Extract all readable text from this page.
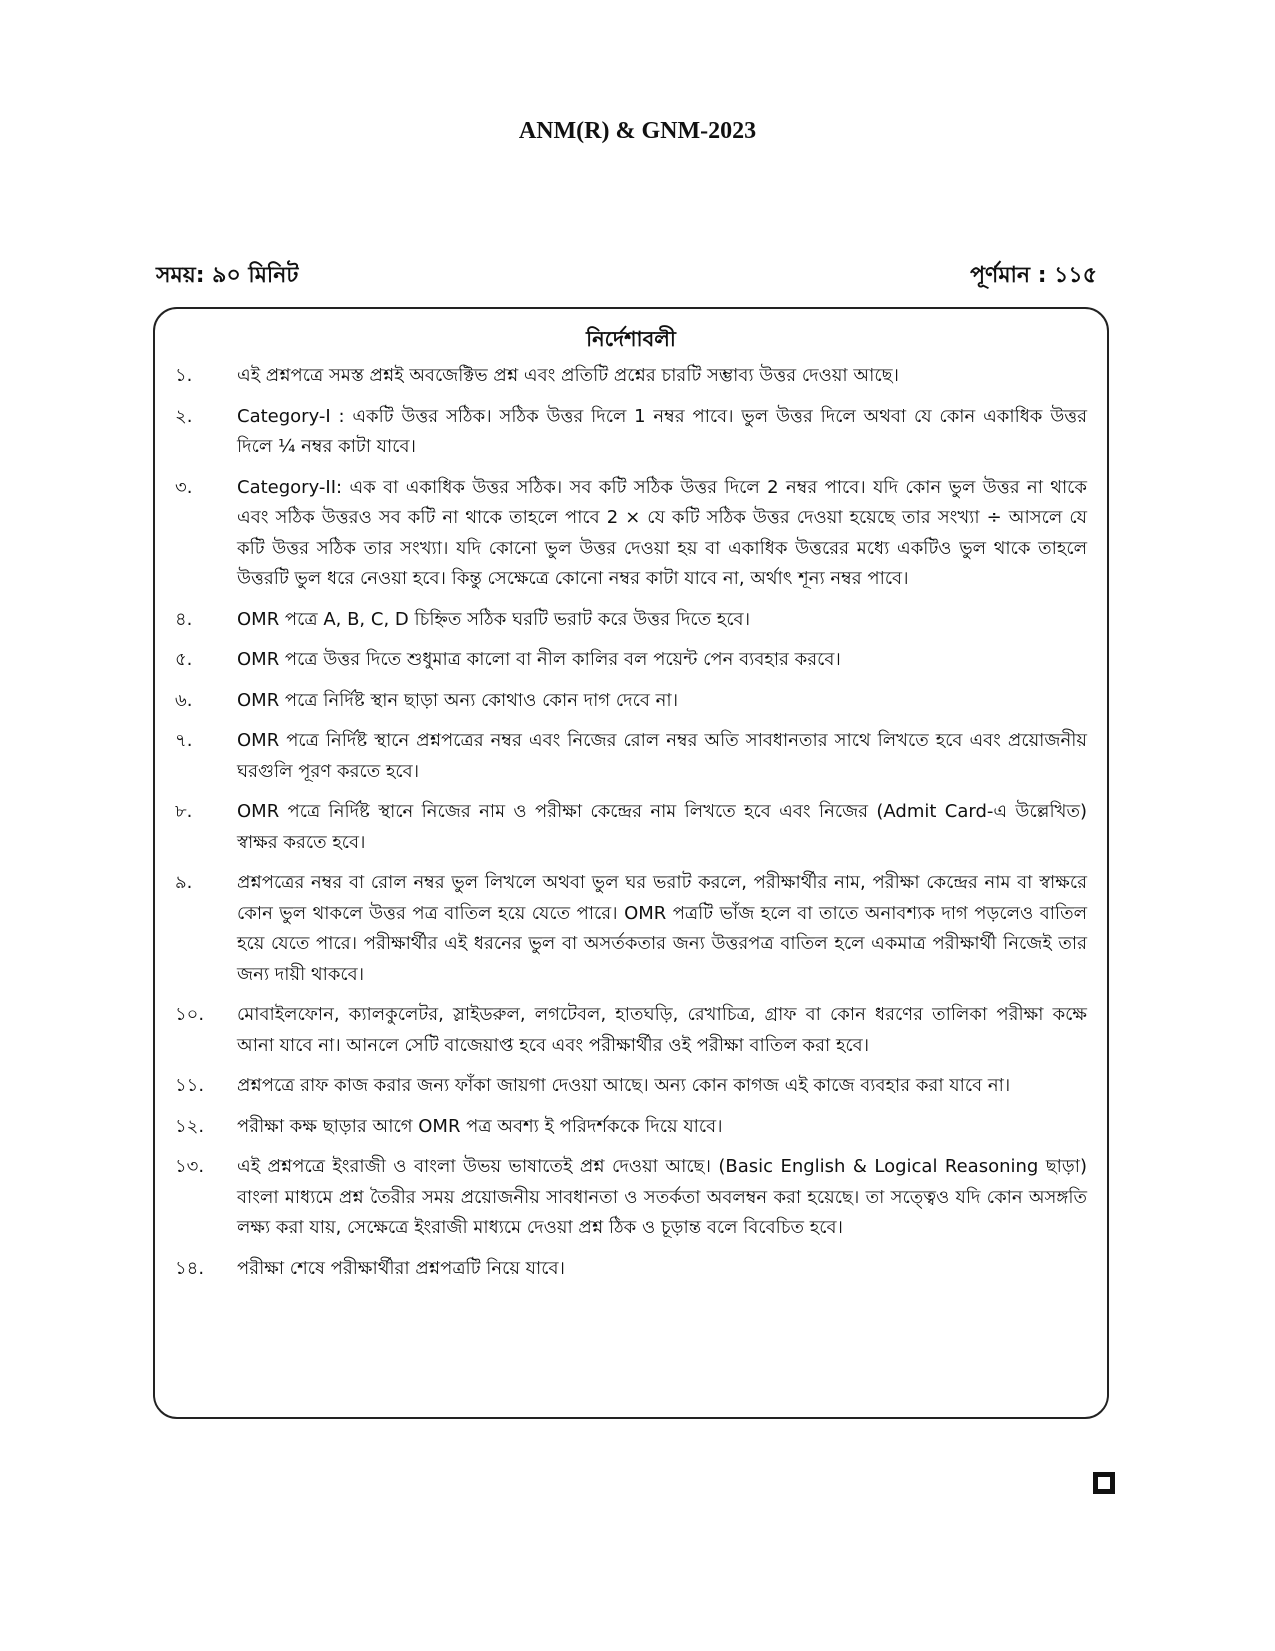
ANM(R) & GNM-2023
সময়: ৯০ মিনিট	পূর্ণমান : ১১৫
নির্দেশাবলী
১.	এই প্রশ্নপত্রে সমস্ত প্রশ্নই অবজেক্টিভ প্রশ্ন এবং প্রতিটি প্রশ্নের চারটি সম্ভাব্য উত্তর দেওয়া আছে।
২.	Category-I : একটি উত্তর সঠিক। সঠিক উত্তর দিলে 1 নম্বর পাবে। ভুল উত্তর দিলে অথবা যে কোন একাধিক উত্তর দিলে ¼ নম্বর কাটা যাবে।
৩.	Category-II: এক বা একাধিক উত্তর সঠিক। সব কটি সঠিক উত্তর দিলে 2 নম্বর পাবে। যদি কোন ভুল উত্তর না থাকে এবং সঠিক উত্তরও সব কটি না থাকে তাহলে পাবে 2 × যে কটি সঠিক উত্তর দেওয়া হয়েছে তার সংখ্যা ÷ আসলে যে কটি উত্তর সঠিক তার সংখ্যা। যদি কোনো ভুল উত্তর দেওয়া হয় বা একাধিক উত্তরের মধ্যে একটিও ভুল থাকে তাহলে উত্তরটি ভুল ধরে নেওয়া হবে। কিন্তু সেক্ষেত্রে কোনো নম্বর কাটা যাবে না, অর্থাৎ শূন্য নম্বর পাবে।
৪.	OMR পত্রে A, B, C, D চিহ্নিত সঠিক ঘরটি ভরাট করে উত্তর দিতে হবে।
৫.	OMR পত্রে উত্তর দিতে শুধুমাত্র কালো বা নীল কালির বল পয়েন্ট পেন ব্যবহার করবে।
৬.	OMR পত্রে নির্দিষ্ট স্থান ছাড়া অন্য কোথাও কোন দাগ দেবে না।
৭.	OMR পত্রে নির্দিষ্ট স্থানে প্রশ্নপত্রের নম্বর এবং নিজের রোল নম্বর অতি সাবধানতার সাথে লিখতে হবে এবং প্রয়োজনীয় ঘরগুলি পূরণ করতে হবে।
৮.	OMR পত্রে নির্দিষ্ট স্থানে নিজের নাম ও পরীক্ষা কেন্দ্রের নাম লিখতে হবে এবং নিজের (Admit Card-এ উল্লেখিত) স্বাক্ষর করতে হবে।
৯.	প্রশ্নপত্রের নম্বর বা রোল নম্বর ভুল লিখলে অথবা ভুল ঘর ভরাট করলে, পরীক্ষার্থীর নাম, পরীক্ষা কেন্দ্রের নাম বা স্বাক্ষরে কোন ভুল থাকলে উত্তর পত্র বাতিল হয়ে যেতে পারে। OMR পত্রটি ভাঁজ হলে বা তাতে অনাবশ্যক দাগ পড়লেও বাতিল হয়ে যেতে পারে। পরীক্ষার্থীর এই ধরনের ভুল বা অসর্তকতার জন্য উত্তরপত্র বাতিল হলে একমাত্র পরীক্ষার্থী নিজেই তার জন্য দায়ী থাকবে।
১০.	মোবাইলফোন, ক্যালকুলেটর, স্লাইডরুল, লগটেবল, হাতঘড়ি, রেখাচিত্র, গ্রাফ বা কোন ধরণের তালিকা পরীক্ষা কক্ষে আনা যাবে না। আনলে সেটি বাজেয়াপ্ত হবে এবং পরীক্ষার্থীর ওই পরীক্ষা বাতিল করা হবে।
১১.	প্রশ্নপত্রে রাফ কাজ করার জন্য ফাঁকা জায়গা দেওয়া আছে। অন্য কোন কাগজ এই কাজে ব্যবহার করা যাবে না।
১২.	পরীক্ষা কক্ষ ছাড়ার আগে OMR পত্র অবশ্য ই পরিদর্শককে দিয়ে যাবে।
১৩.	এই প্রশ্নপত্রে ইংরাজী ও বাংলা উভয় ভাষাতেই প্রশ্ন দেওয়া আছে। (Basic English & Logical Reasoning ছাড়া) বাংলা মাধ্যমে প্রশ্ন তৈরীর সময় প্রয়োজনীয় সাবধানতা ও সতর্কতা অবলম্বন করা হয়েছে। তা সত্ত্বেও যদি কোন অসঙ্গতি লক্ষ্য করা যায়, সেক্ষেত্রে ইংরাজী মাধ্যমে দেওয়া প্রশ্ন ঠিক ও চূড়ান্ত বলে বিবেচিত হবে।
১৪.	পরীক্ষা শেষে পরীক্ষার্থীরা প্রশ্নপত্রটি নিয়ে যাবে।
